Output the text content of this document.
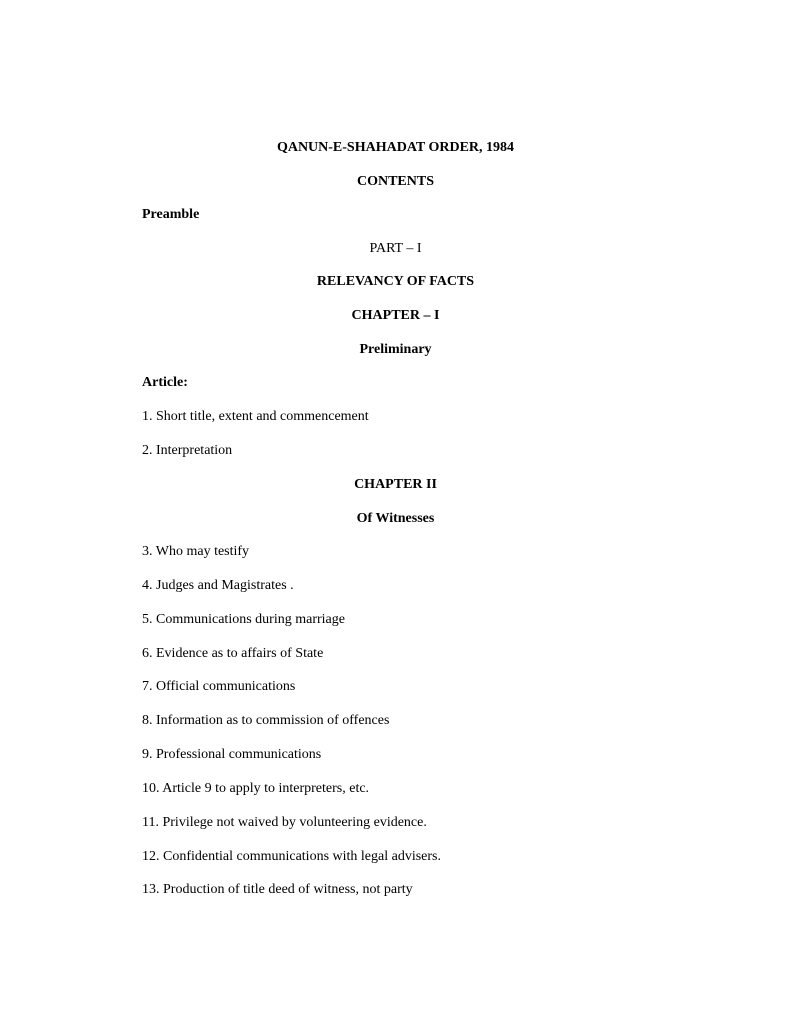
QANUN-E-SHAHADAT ORDER, 1984
CONTENTS
Preamble
PART – I
RELEVANCY OF FACTS
CHAPTER – I
Preliminary
Article:
1. Short title, extent and commencement
2. Interpretation
CHAPTER II
Of Witnesses
3. Who may testify
4. Judges and Magistrates .
5. Communications during marriage
6. Evidence as to affairs of State
7. Official communications
8. Information as to commission of offences
9. Professional communications
10. Article 9 to apply to interpreters, etc.
11. Privilege not waived by volunteering evidence.
12. Confidential communications with legal advisers.
13. Production of title deed of witness, not party
